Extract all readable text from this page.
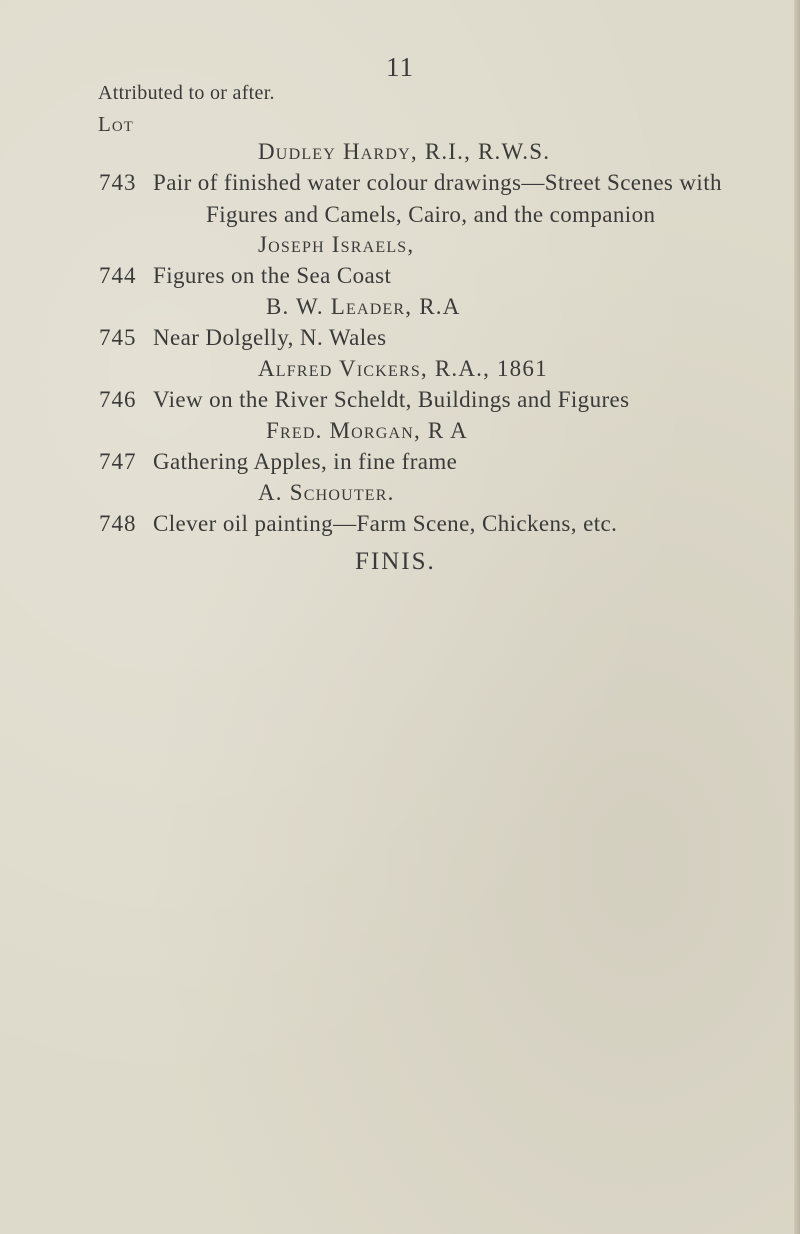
11
Attributed to or after.
Lot
Dudley Hardy, R.I., R.W.S.
743 Pair of finished water colour drawings—Street Scenes with
Figures and Camels, Cairo, and the companion
Joseph Israels,
744 Figures on the Sea Coast
B. W. Leader, R.A
745 Near Dolgelly, N. Wales
Alfred Vickers, R.A., 1861
746 View on the River Scheldt, Buildings and Figures
Fred. Morgan, R A
747 Gathering Apples, in fine frame
A. Schouter.
748 Clever oil painting—Farm Scene, Chickens, etc.
FINIS.
